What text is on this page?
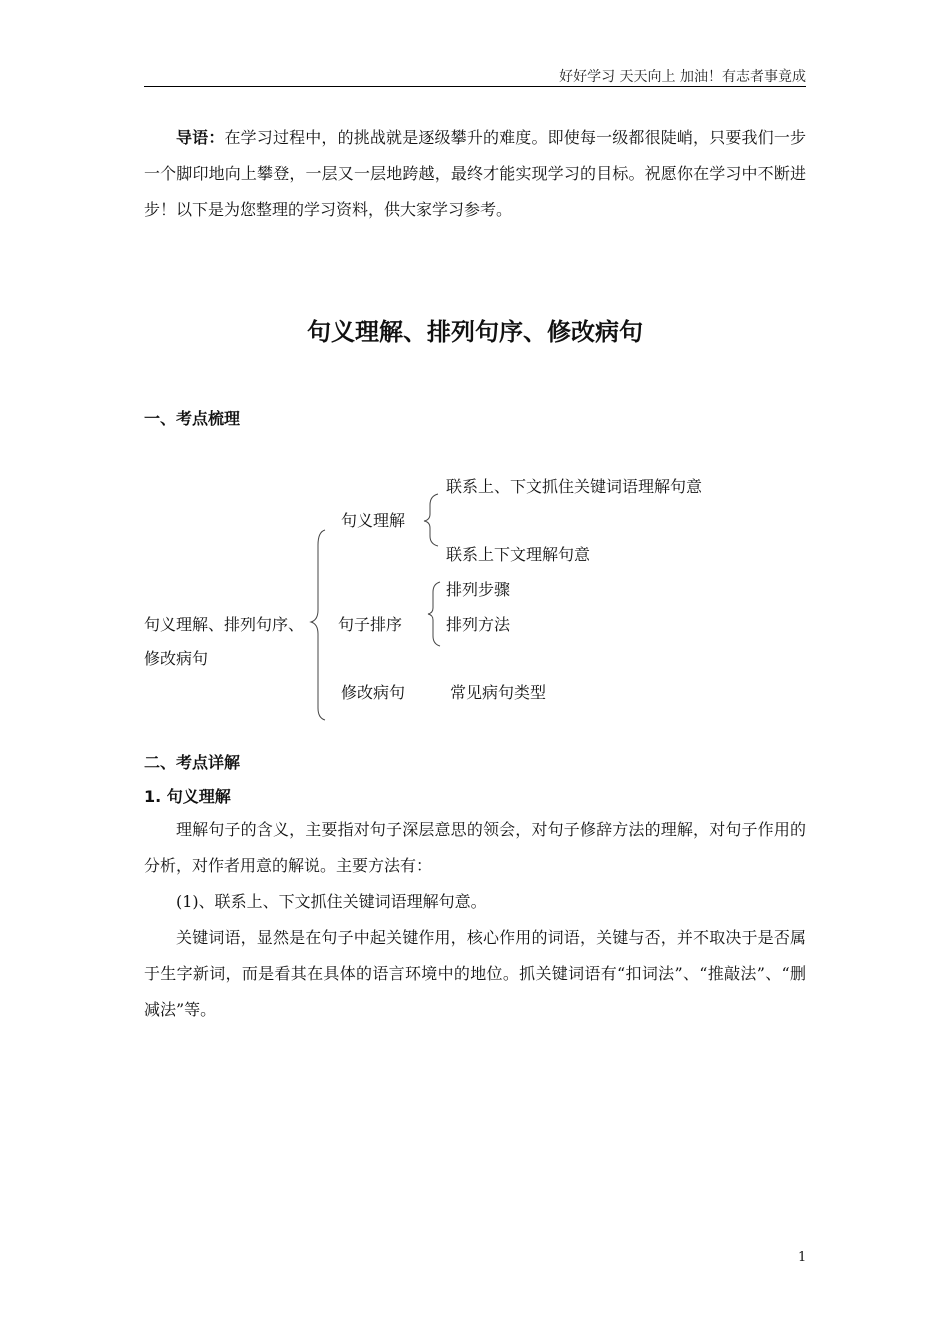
好好学习 天天向上 加油！有志者事竟成
导语：在学习过程中，的挑战就是逐级攀升的难度。即使每一级都很陡峭，只要我们一步一个脚印地向上攀登，一层又一层地跨越，最终才能实现学习的目标。祝愿你在学习中不断进步！以下是为您整理的学习资料，供大家学习参考。
句义理解、排列句序、修改病句
一、考点梳理
句义理解、排列句序、
修改病句
句义理解
联系上、下文抓住关键词语理解句意
联系上下文理解句意
句子排序
排列步骤
排列方法
修改病句	常见病句类型
二、考点详解
1. 句义理解
理解句子的含义，主要指对句子深层意思的领会，对句子修辞方法的理解，对句子作用的分析，对作者用意的解说。主要方法有：
(1)、联系上、下文抓住关键词语理解句意。
关键词语，显然是在句子中起关键作用，核心作用的词语，关键与否，并不取决于是否属于生字新词，而是看其在具体的语言环境中的地位。抓关键词语有“扣词法”、“推敲法”、“删减法”等。
1
